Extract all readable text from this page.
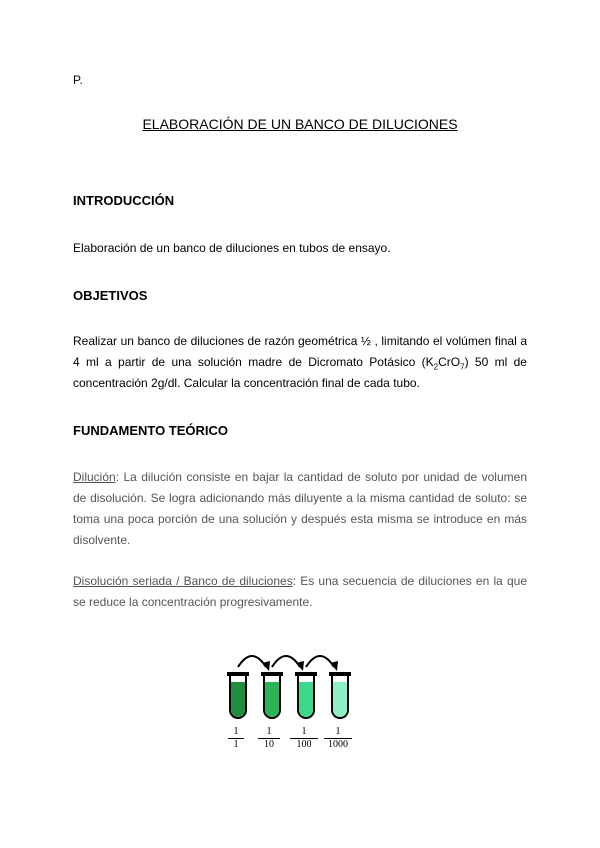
P.
ELABORACIÓN DE UN BANCO DE DILUCIONES
INTRODUCCIÓN
Elaboración de un banco de diluciones en tubos de ensayo.
OBJETIVOS
Realizar un banco de diluciones de razón geométrica ½ , limitando el volúmen final a 4 ml a partir de una solución madre de Dicromato Potásico $(K_2CrO_7)$ 50 ml de concentración 2g/dl. Calcular la concentración final de cada tubo.
FUNDAMENTO TEÓRICO
Dilución: La dilución consiste en bajar la cantidad de soluto por unidad de volumen de disolución. Se logra adicionando más diluyente a la misma cantidad de soluto: se toma una poca porción de una solución y después esta misma se introduce en más disolvente.
Disolución seriada / Banco de diluciones: Es una secuencia de diluciones en la que se reduce la concentración progresivamente.
$\frac{1}{1} \frac{1}{10} \frac{1}{100} \frac{1}{1000}$
